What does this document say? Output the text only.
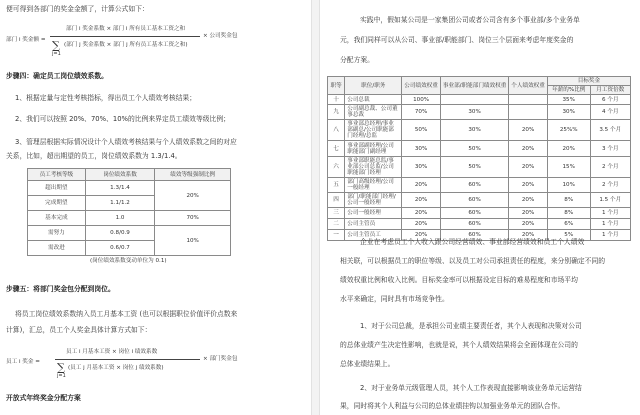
便可得到各部门的奖金金额了，计算公式如下：
部门 i 奖金额 =
部门 i 奖金系数 × 部门 i 所有员工基本工资之和
∑
j=1
(部门 j 奖金系数 × 部门 j 所有员工基本工资之和)
× 公司奖金包
步骤四：确定员工岗位绩效系数。
1、根据定量与定性考核指标，得出员工个人绩效考核结果；
2、我们可以按照 20%、70%、10%的比例来界定员工绩效等级比例；
3、管理层根据实际情况设计个人绩效考核结果与个人绩效系数之间的对应
关系，比如，超出期望的员工，岗位绩效系数为 1.3/1.4。
员工考核等级	岗位绩效系数	绩效等级强制比例
超出期望	1.3/1.4	20%
完成期望	1.1/1.2	
基本完成	1.0	70%
需努力	0.8/0.9	10%
需改进	0.6/0.7	
(岗位绩效系数变动单位为 0.1)
步骤五：将部门奖金包分配到岗位。
将员工岗位绩效系数纳入员工月基本工资 (也可以根据职位价值评价点数来
计算)，汇总，员工个人奖金具体计算方式如下：
员工 i 奖金 =
员工 i 月基本工资 × 岗位 i 绩效系数
∑
j=1
(员工 j 月基本工资 × 岗位 j 绩效系数)
× 部门奖金包
开放式年终奖金分配方案
实践中，假如某公司是一家集团公司或者公司含有多个事业部/多个业务单
元，我们同样可以从公司、事业部/职能部门、岗位三个层面来考虑年度奖金的
分配方案。
职等	职位/职务	公司绩效权重	事业部/职能部门绩效权重	个人绩效权重	目标奖金	
					年薪的%比例	月工资倍数
十	公司总裁	100%			35%	6 个月
九	公司副总裁、公司董事总裁	70%	30%		30%	4 个月
八	事业部总经理/事业部副总/公司职能部门经理/总监	50%	30%	20%	25%%	3.5 个月
七	事业部副经理/公司职能部门副经理	30%	50%	20%	20%	3 个月
六	事业部职能总监/事业部公司总监/公司职能部门经理	30%	50%	20%	15%	2 个月
五	部门高级经理/公司一般经理	20%	60%	20%	10%	2 个月
四	部门/职能部门经理/公司一般经理	20%	60%	20%	8%	1.5 个月
三	公司一般经理	20%	60%	20%	8%	1 个月
二	公司主管员	20%	60%	20%	6%	1 个月
一	公司主管员工	20%	60%	20%	5%	1 个月
企业在考虑员工个人收入跟公司经营绩效、事业部经营绩效和员工个人绩效
相关联，可以根据员工的职位等级、以及员工对公司承担责任的程度，来分别确定不同的
绩效权重比例和收入比例。目标奖金率可以根据设定目标的难易程度和市场平均
水平来确定，同时具有市场竞争性。
1、对于公司总裁，是承担公司业绩主要责任者，其个人表现和决策对公司
的总体业绩产生决定性影响，也就是说，其个人绩效结果将会全面体现在公司的
总体业绩结果上。
2、对于业务单元级管理人员，其个人工作表现直接影响该业务单元运营结
果，同时将其个人利益与公司的总体业绩挂钩以加强业务单元的团队合作。
